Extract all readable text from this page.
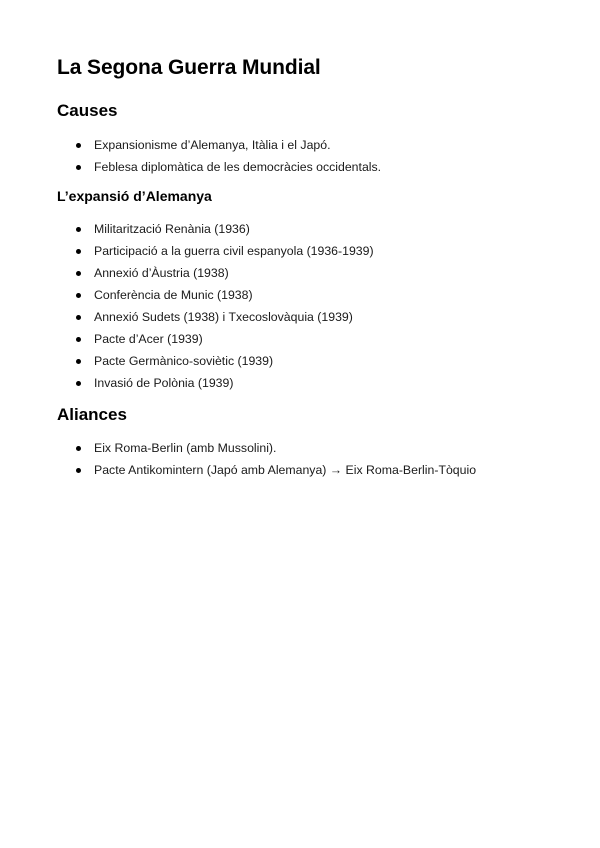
La Segona Guerra Mundial
Causes
Expansionisme d’Alemanya, Itàlia i el Japó.
Feblesa diplomàtica de les democràcies occidentals.
L’expansió d’Alemanya
Militarització Renània (1936)
Participació a la guerra civil espanyola (1936-1939)
Annexió d’Àustria (1938)
Conferència de Munic (1938)
Annexió Sudets (1938) i Txecoslovàquia (1939)
Pacte d’Acer (1939)
Pacte Germànico-soviètic (1939)
Invasió de Polònia (1939)
Aliances
Eix Roma-Berlin (amb Mussolini).
Pacte Antikomintern (Japó amb Alemanya) → Eix Roma-Berlin-Tòquio
